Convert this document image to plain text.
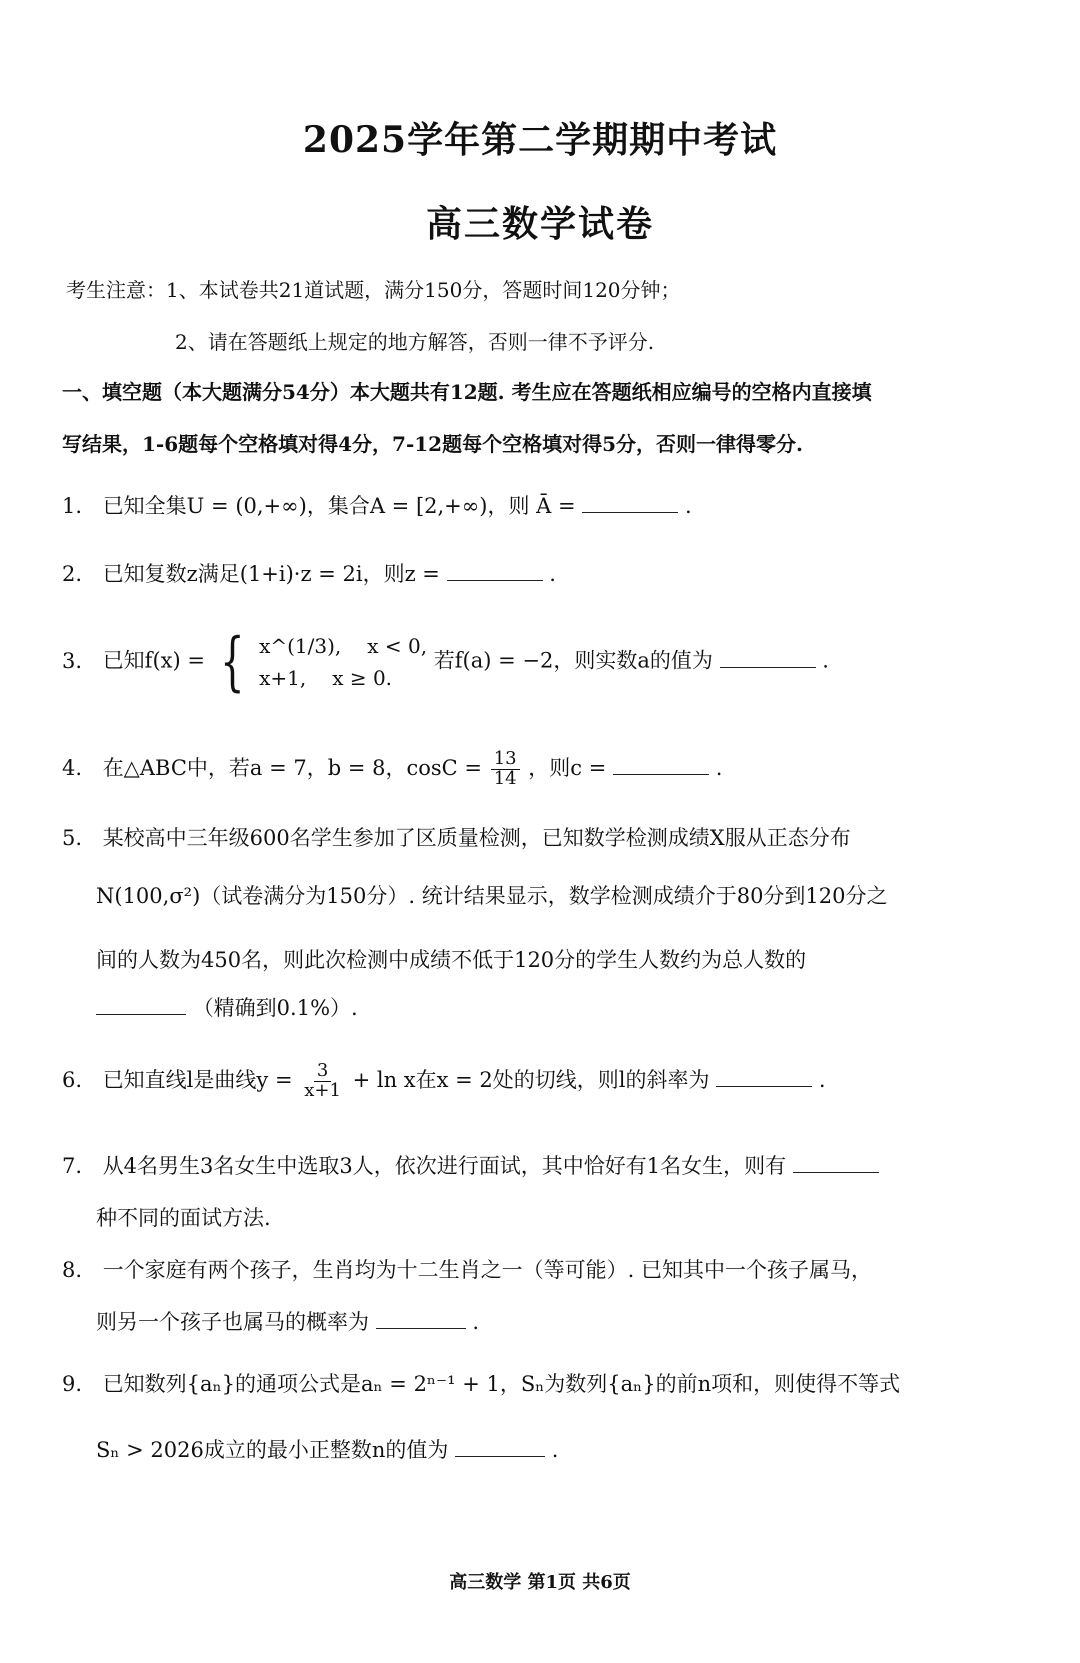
2025学年第二学期期中考试
高三数学试卷
考生注意：1、本试卷共21道试题，满分150分，答题时间120分钟；
2、请在答题纸上规定的地方解答，否则一律不予评分.
一、填空题（本大题满分54分）本大题共有12题. 考生应在答题纸相应编号的空格内直接填
写结果，1-6题每个空格填对得4分，7-12题每个空格填对得5分，否则一律得零分.
1. 已知全集U = (0,+∞)，集合A = [2,+∞)，则 Ā =	.
2. 已知复数z满足(1+i)·z = 2i，则z =	.
3. 已知f(x) = { x^(1/3), x < 0,
x+1, x ≥ 0.
若f(a) = −2，则实数a的值为	.
4. 在△ABC中，若a = 7，b = 8，$\cos C = \frac{13}{14}$ ，则c =	.
5. 某校高中三年级600名学生参加了区质量检测，已知数学检测成绩X服从正态分布
N(100,σ²)（试卷满分为150分）. 统计结果显示，数学检测成绩介于80分到120分之
间的人数为450名，则此次检测中成绩不低于120分的学生人数约为总人数的
（精确到0.1%）.
6. 已知直线l是曲线$y = \frac{3}{x+1} + \ln x$在x = 2处的切线，则l的斜率为	.
7. 从4名男生3名女生中选取3人，依次进行面试，其中恰好有1名女生，则有
种不同的面试方法.
8. 一个家庭有两个孩子，生肖均为十二生肖之一（等可能）. 已知其中一个孩子属马，
则另一个孩子也属马的概率为	.
9. 已知数列{aₙ}的通项公式是aₙ = 2ⁿ⁻¹ + 1，Sₙ为数列{aₙ}的前n项和，则使得不等式
Sₙ > 2026成立的最小正整数n的值为	.
高三数学 第1页 共6页
